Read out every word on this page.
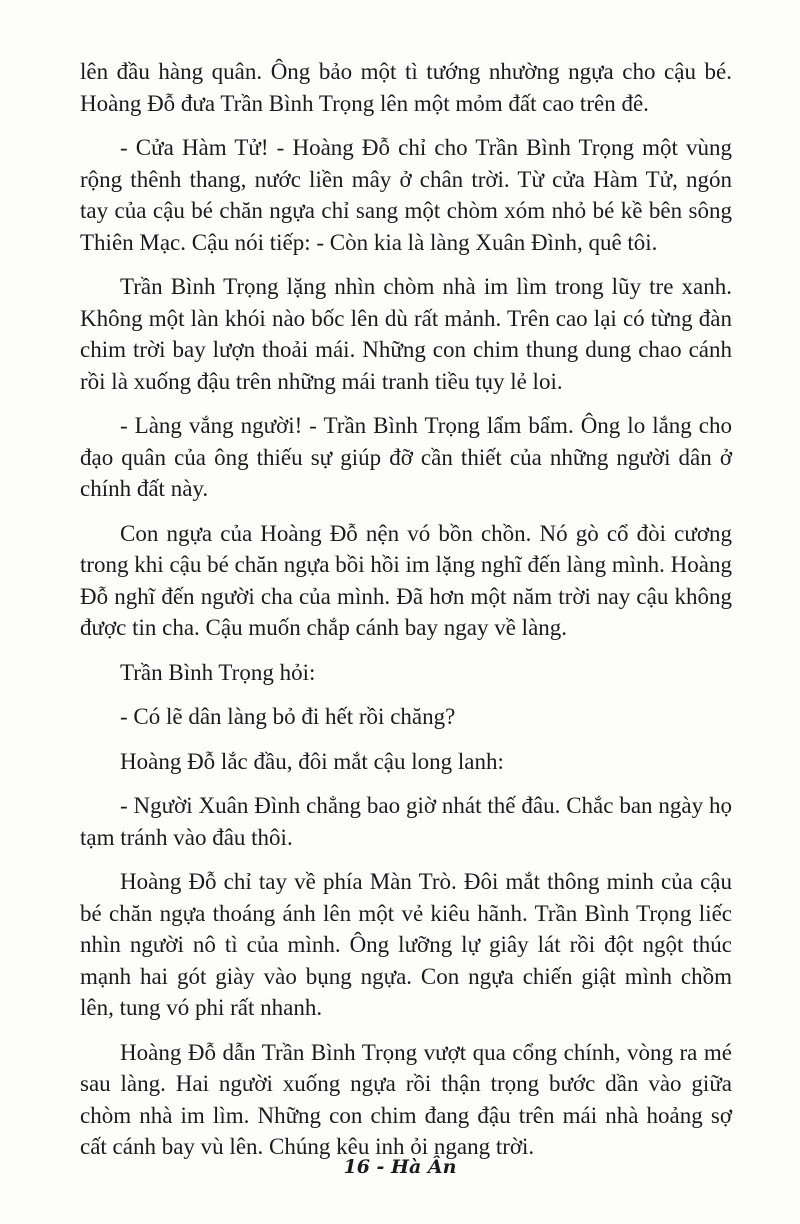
lên đầu hàng quân. Ông bảo một tì tướng nhường ngựa cho cậu bé. Hoàng Đỗ đưa Trần Bình Trọng lên một mỏm đất cao trên đê.

- Cửa Hàm Tử! - Hoàng Đỗ chỉ cho Trần Bình Trọng một vùng rộng thênh thang, nước liền mây ở chân trời. Từ cửa Hàm Tử, ngón tay của cậu bé chăn ngựa chỉ sang một chòm xóm nhỏ bé kề bên sông Thiên Mạc. Cậu nói tiếp: - Còn kia là làng Xuân Đình, quê tôi.

Trần Bình Trọng lặng nhìn chòm nhà im lìm trong lũy tre xanh. Không một làn khói nào bốc lên dù rất mảnh. Trên cao lại có từng đàn chim trời bay lượn thoải mái. Những con chim thung dung chao cánh rồi là xuống đậu trên những mái tranh tiều tụy lẻ loi.

- Làng vắng người! - Trần Bình Trọng lẩm bẩm. Ông lo lắng cho đạo quân của ông thiếu sự giúp đỡ cần thiết của những người dân ở chính đất này.

Con ngựa của Hoàng Đỗ nện vó bồn chồn. Nó gò cổ đòi cương trong khi cậu bé chăn ngựa bồi hồi im lặng nghĩ đến làng mình. Hoàng Đỗ nghĩ đến người cha của mình. Đã hơn một năm trời nay cậu không được tin cha. Cậu muốn chắp cánh bay ngay về làng.

Trần Bình Trọng hỏi:

- Có lẽ dân làng bỏ đi hết rồi chăng?

Hoàng Đỗ lắc đầu, đôi mắt cậu long lanh:

- Người Xuân Đình chẳng bao giờ nhát thế đâu. Chắc ban ngày họ tạm tránh vào đâu thôi.

Hoàng Đỗ chỉ tay về phía Màn Trò. Đôi mắt thông minh của cậu bé chăn ngựa thoáng ánh lên một vẻ kiêu hãnh. Trần Bình Trọng liếc nhìn người nô tì của mình. Ông lưỡng lự giây lát rồi đột ngột thúc mạnh hai gót giày vào bụng ngựa. Con ngựa chiến giật mình chồm lên, tung vó phi rất nhanh.

Hoàng Đỗ dẫn Trần Bình Trọng vượt qua cổng chính, vòng ra mé sau làng. Hai người xuống ngựa rồi thận trọng bước dần vào giữa chòm nhà im lìm. Những con chim đang đậu trên mái nhà hoảng sợ cất cánh bay vù lên. Chúng kêu inh ỏi ngang trời.

16 - Hà Ân
